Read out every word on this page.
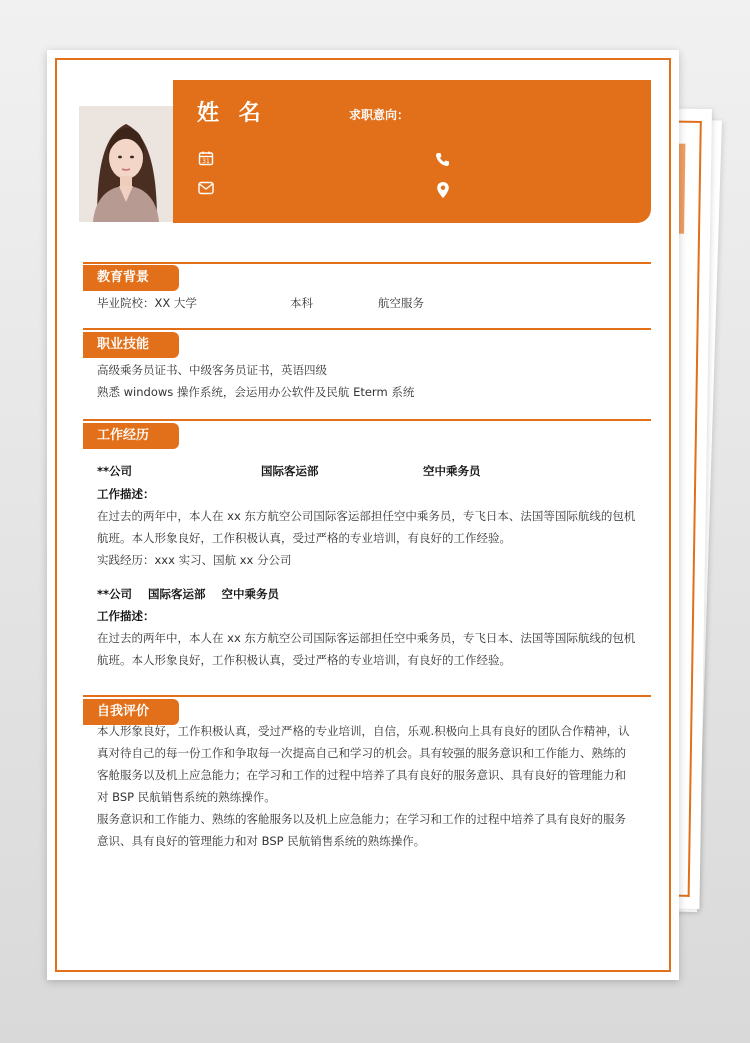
姓 名	求职意向：
31
教育背景
毕业院校：XX 大学	本科	航空服务
职业技能
高级乘务员证书、中级客务员证书，英语四级
熟悉 windows 操作系统，会运用办公软件及民航 Eterm 系统
工作经历
**公司	国际客运部	空中乘务员
工作描述：
在过去的两年中，本人在 xx 东方航空公司国际客运部担任空中乘务员，专飞日本、法国等国际航线的包机
航班。本人形象良好，工作积极认真，受过严格的专业培训，有良好的工作经验。
实践经历：xxx 实习、国航 xx 分公司
**公司    国际客运部    空中乘务员
工作描述：
在过去的两年中，本人在 xx 东方航空公司国际客运部担任空中乘务员，专飞日本、法国等国际航线的包机
航班。本人形象良好，工作积极认真，受过严格的专业培训，有良好的工作经验。
自我评价
本人形象良好，工作积极认真，受过严格的专业培训，自信，乐观.积极向上具有良好的团队合作精神，认
真对待自己的每一份工作和争取每一次提高自己和学习的机会。具有较强的服务意识和工作能力、熟练的
客舱服务以及机上应急能力；在学习和工作的过程中培养了具有良好的服务意识、具有良好的管理能力和
对 BSP 民航销售系统的熟练操作。
服务意识和工作能力、熟练的客舱服务以及机上应急能力；在学习和工作的过程中培养了具有良好的服务
意识、具有良好的管理能力和对 BSP 民航销售系统的熟练操作。
